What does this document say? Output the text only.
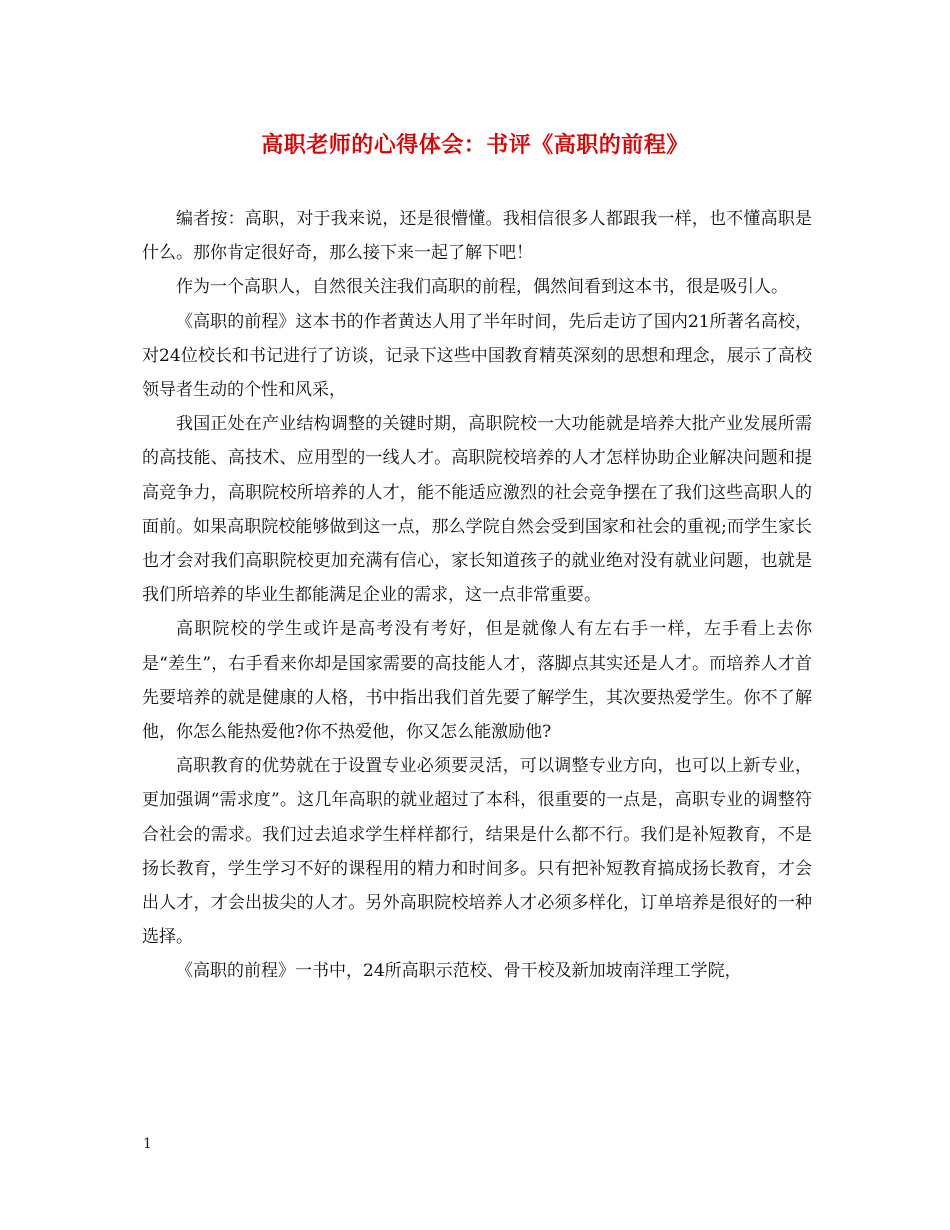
高职老师的心得体会：书评《高职的前程》

编者按：高职，对于我来说，还是很懵懂。我相信很多人都跟我一样，也不懂高职是什么。那你肯定很好奇，那么接下来一起了解下吧！

作为一个高职人，自然很关注我们高职的前程，偶然间看到这本书，很是吸引人。

《高职的前程》这本书的作者黄达人用了半年时间，先后走访了国内21所著名高校，对24位校长和书记进行了访谈，记录下这些中国教育精英深刻的思想和理念，展示了高校领导者生动的个性和风采，

我国正处在产业结构调整的关键时期，高职院校一大功能就是培养大批产业发展所需的高技能、高技术、应用型的一线人才。高职院校培养的人才怎样协助企业解决问题和提高竞争力，高职院校所培养的人才，能不能适应激烈的社会竞争摆在了我们这些高职人的面前。如果高职院校能够做到这一点，那么学院自然会受到国家和社会的重视;而学生家长也才会对我们高职院校更加充满有信心，家长知道孩子的就业绝对没有就业问题，也就是我们所培养的毕业生都能满足企业的需求，这一点非常重要。

高职院校的学生或许是高考没有考好，但是就像人有左右手一样，左手看上去你是“差生”，右手看来你却是国家需要的高技能人才，落脚点其实还是人才。而培养人才首先要培养的就是健康的人格，书中指出我们首先要了解学生，其次要热爱学生。你不了解他，你怎么能热爱他?你不热爱他，你又怎么能激励他?

高职教育的优势就在于设置专业必须要灵活，可以调整专业方向，也可以上新专业，更加强调“需求度”。这几年高职的就业超过了本科，很重要的一点是，高职专业的调整符合社会的需求。我们过去追求学生样样都行，结果是什么都不行。我们是补短教育，不是扬长教育，学生学习不好的课程用的精力和时间多。只有把补短教育搞成扬长教育，才会出人才，才会出拔尖的人才。另外高职院校培养人才必须多样化，订单培养是很好的一种选择。

《高职的前程》一书中，24所高职示范校、骨干校及新加坡南洋理工学院，

1
